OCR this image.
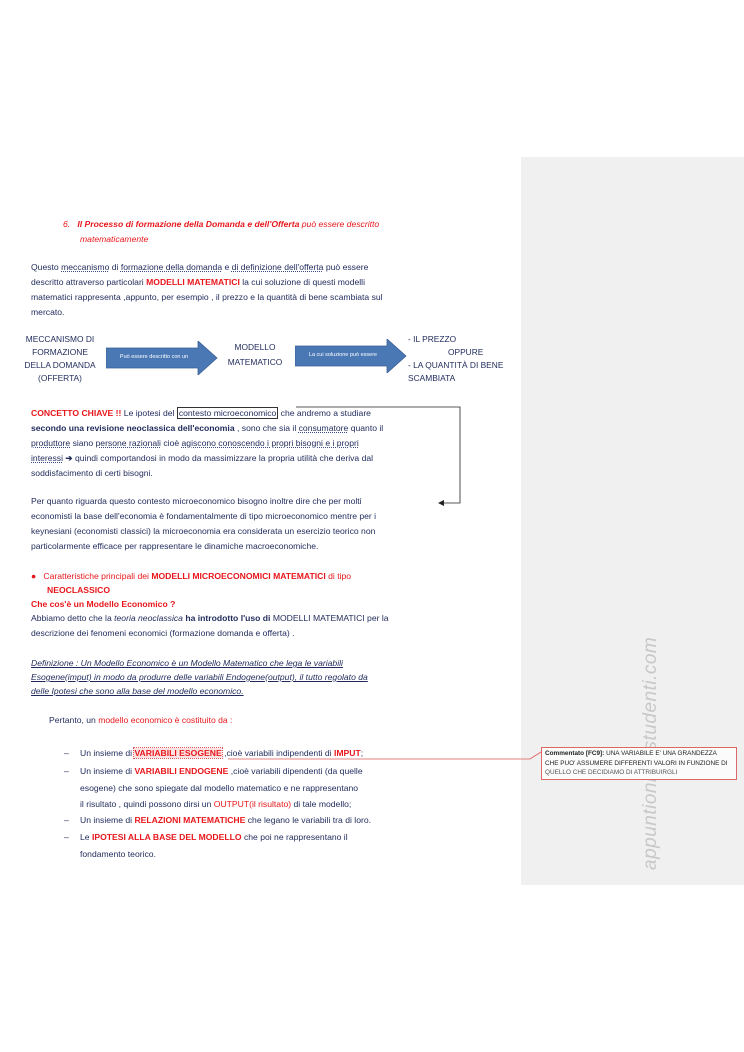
Commentato [FC9]: UNA VARIABILE E' UNA GRANDEZZA
CHE PUO' ASSUMERE DIFFERENTI VALORI IN FUNZIONE DI
QUELLO CHE DECIDIAMO DI ATTRIBUIRGLI
6. Il Processo di formazione della Domanda e dell'Offerta può essere descritto
matematicamente
Questo meccanismo di formazione della domanda e di definizione dell'offerta può essere
descritto attraverso particolari MODELLI MATEMATICI la cui soluzione di questi modelli
matematici rappresenta ,appunto, per esempio , il prezzo e la quantità di bene scambiata sul
mercato.
MECCANISMO DI
FORMAZIONE
DELLA DOMANDA
(OFFERTA)
Può essere descritto con un
MODELLO
MATEMATICO
La cui soluzione può essere
- IL PREZZO
OPPURE
- LA QUANTITÀ DI BENE
SCAMBIATA
CONCETTO CHIAVE !! Le ipotesi del contesto microeconomico che andremo a studiare
secondo una revisione neoclassica dell'economia , sono che sia il consumatore quanto il
produttore siano persone razionali cioè agiscono conoscendo i propri bisogni e i propri
interessi ➔ quindi comportandosi in modo da massimizzare la propria utilità che deriva dal
soddisfacimento di certi bisogni.
Per quanto riguarda questo contesto microeconomico bisogno inoltre dire che per molti
economisti la base dell'economia è fondamentalmente di tipo microeconomico mentre per i
keynesiani (economisti classici) la microeconomia era considerata un esercizio teorico non
particolarmente efficace per rappresentare le dinamiche macroeconomiche.
● Caratteristiche principali dei MODELLI MICROECONOMICI MATEMATICI di tipo
NEOCLASSICO
Che cos'è un Modello Economico ?
Abbiamo detto che la teoria neoclassica ha introdotto l'uso di MODELLI MATEMATICI per la
descrizione dei fenomeni economici (formazione domanda e offerta) .
Definizione : Un Modello Economico è un Modello Matematico che lega le variabili
Esogene(imput) in modo da produrre delle variabili Endogene(output), il tutto regolato da
delle Ipotesi che sono alla base del modello economico.
Pertanto, un modello economico è costituito da :
– Un insieme di VARIABILI ESOGENE ,cioè variabili indipendenti di IMPUT;
– Un insieme di VARIABILI ENDOGENE ,cioè variabili dipendenti (da quelle
esogene) che sono spiegate dal modello matematico e ne rappresentano
il risultato , quindi possono dirsi un OUTPUT(il risultato) di tale modello;
– Un insieme di RELAZIONI MATEMATICHE che legano le variabili tra di loro.
– Le IPOTESI ALLA BASE DEL MODELLO che poi ne rappresentano il
fondamento teorico.
